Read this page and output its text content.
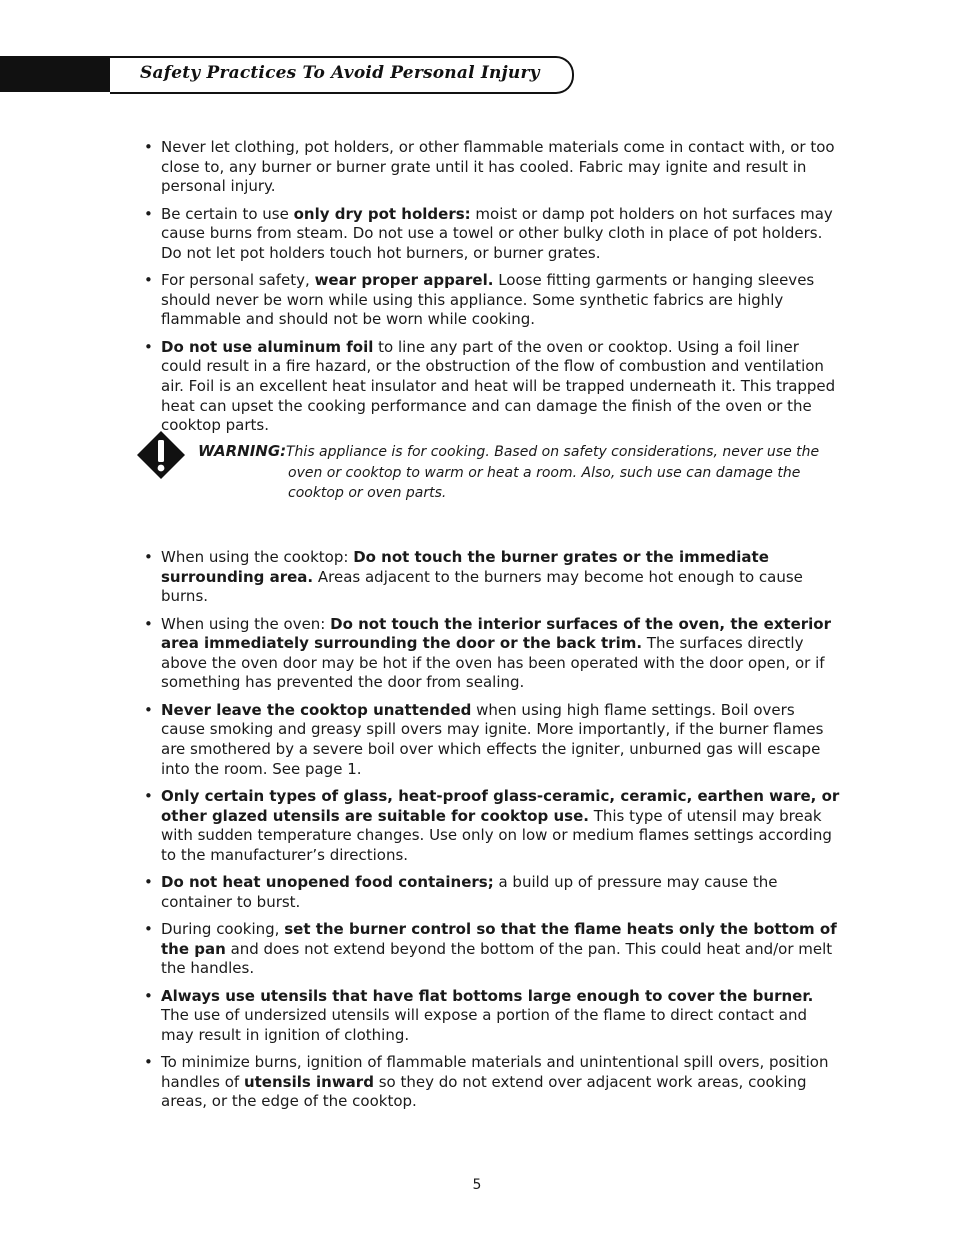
Safety Practices To Avoid Personal Injury
• Never let clothing, pot holders, or other flammable materials come in contact with, or too close to, any burner or burner grate until it has cooled. Fabric may ignite and result in personal injury.
• Be certain to use only dry pot holders: moist or damp pot holders on hot surfaces may cause burns from steam. Do not use a towel or other bulky cloth in place of pot holders. Do not let pot holders touch hot burners, or burner grates.
• For personal safety, wear proper apparel. Loose fitting garments or hanging sleeves should never be worn while using this appliance. Some synthetic fabrics are highly flammable and should not be worn while cooking.
• Do not use aluminum foil to line any part of the oven or cooktop. Using a foil liner could result in a fire hazard, or the obstruction of the flow of combustion and ventilation air. Foil is an excellent heat insulator and heat will be trapped underneath it. This trapped heat can upset the cooking performance and can damage the finish of the oven or the cooktop parts.
WARNING: This appliance is for cooking. Based on safety considerations, never use the oven or cooktop to warm or heat a room. Also, such use can damage the cooktop or oven parts.
• When using the cooktop: Do not touch the burner grates or the immediate surrounding area. Areas adjacent to the burners may become hot enough to cause burns.
• When using the oven: Do not touch the interior surfaces of the oven, the exterior area immediately surrounding the door or the back trim. The surfaces directly above the oven door may be hot if the oven has been operated with the door open, or if something has prevented the door from sealing.
• Never leave the cooktop unattended when using high flame settings. Boil overs cause smoking and greasy spill overs may ignite. More importantly, if the burner flames are smothered by a severe boil over which effects the igniter, unburned gas will escape into the room. See page 1.
• Only certain types of glass, heat-proof glass-ceramic, ceramic, earthen ware, or other glazed utensils are suitable for cooktop use. This type of utensil may break with sudden temperature changes. Use only on low or medium flames settings according to the manufacturer’s directions.
• Do not heat unopened food containers; a build up of pressure may cause the container to burst.
• During cooking, set the burner control so that the flame heats only the bottom of the pan and does not extend beyond the bottom of the pan. This could heat and/or melt the handles.
• Always use utensils that have flat bottoms large enough to cover the burner. The use of undersized utensils will expose a portion of the flame to direct contact and may result in ignition of clothing.
• To minimize burns, ignition of flammable materials and unintentional spill overs, position handles of utensils inward so they do not extend over adjacent work areas, cooking areas, or the edge of the cooktop.
5
